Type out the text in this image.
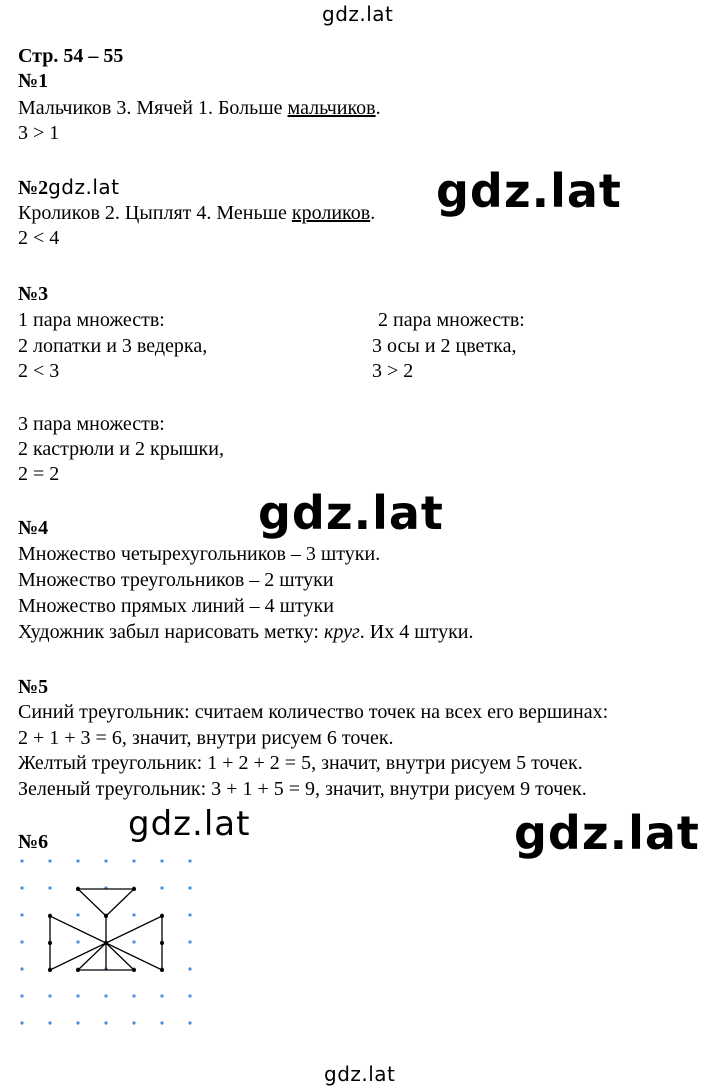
gdz.lat
gdz.lat
gdz.lat
gdz.lat	gdz.lat
gdz.lat
Стр. 54 – 55
№1
Мальчиков 3. Мячей 1. Больше мальчиков.
3 > 1
№2gdz.lat
Кроликов 2. Цыплят 4. Меньше кроликов.
2 < 4
№3
1 пара множеств:
2 лопатки и 3 ведерка,
2 < 3
2 пара множеств:
3 осы и 2 цветка,
3 > 2
3 пара множеств:
2 кастрюли и 2 крышки,
2 = 2
№4
Множество четырехугольников – 3 штуки.
Множество треугольников – 2 штуки
Множество прямых линий – 4 штуки
Художник забыл нарисовать метку: круг. Их 4 штуки.
№5
Синий треугольник: считаем количество точек на всех его вершинах:
2 + 1 + 3 = 6, значит, внутри рисуем 6 точек.
Желтый треугольник: 1 + 2 + 2 = 5, значит, внутри рисуем 5 точек.
Зеленый треугольник: 3 + 1 + 5 = 9, значит, внутри рисуем 9 точек.
№6
